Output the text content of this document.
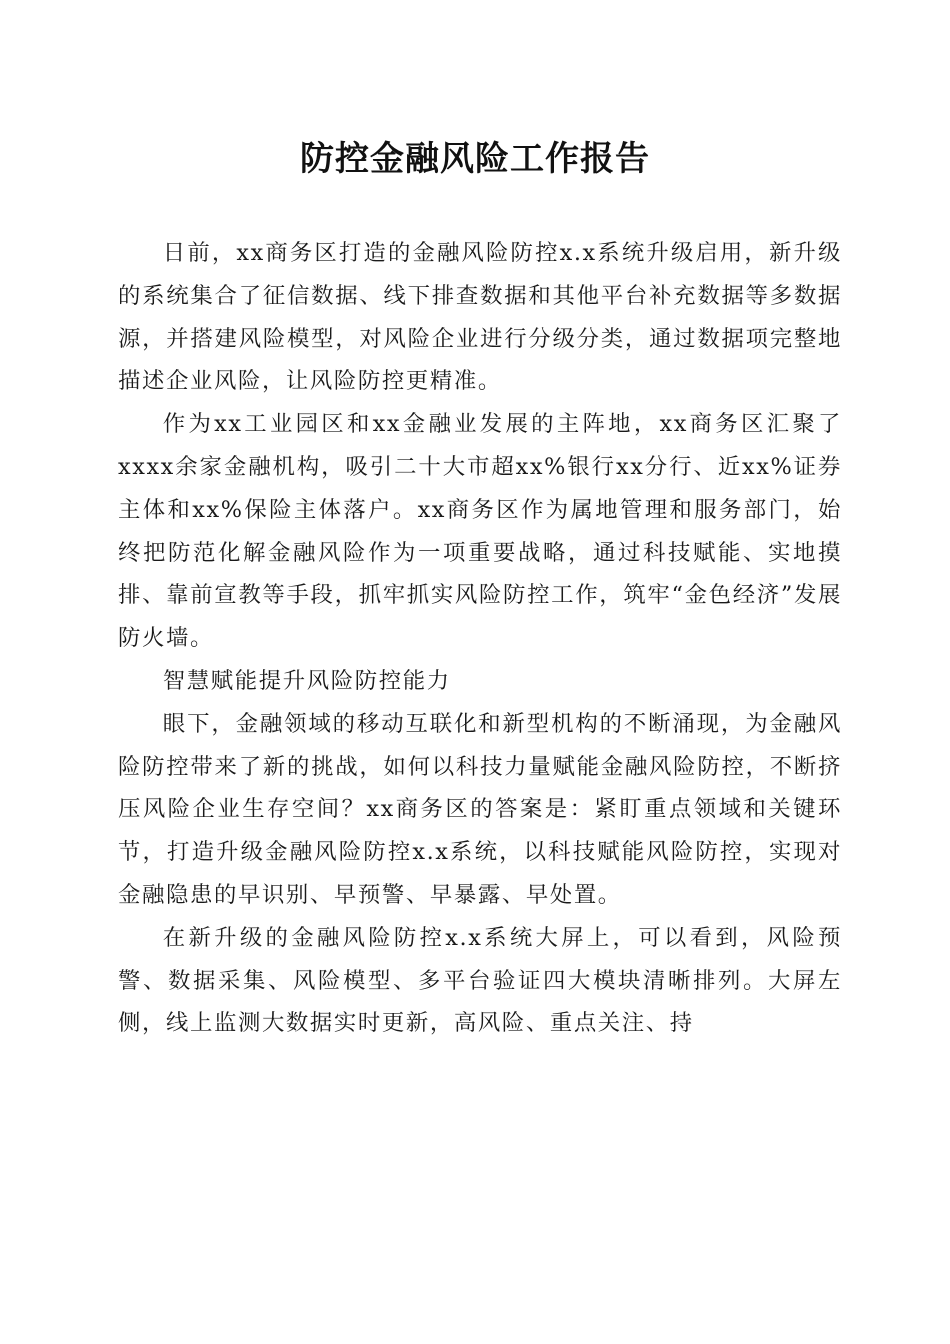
防控金融风险工作报告

日前，xx商务区打造的金融风险防控x.x系统升级启用，新升级的系统集合了征信数据、线下排查数据和其他平台补充数据等多数据源，并搭建风险模型，对风险企业进行分级分类，通过数据项完整地描述企业风险，让风险防控更精准。

作为xx工业园区和xx金融业发展的主阵地，xx商务区汇聚了xxxx余家金融机构，吸引二十大市超xx%银行xx分行、近xx%证券主体和xx%保险主体落户。xx商务区作为属地管理和服务部门，始终把防范化解金融风险作为一项重要战略，通过科技赋能、实地摸排、靠前宣教等手段，抓牢抓实风险防控工作，筑牢“金色经济”发展防火墙。

智慧赋能提升风险防控能力

眼下，金融领域的移动互联化和新型机构的不断涌现，为金融风险防控带来了新的挑战，如何以科技力量赋能金融风险防控，不断挤压风险企业生存空间？xx商务区的答案是：紧盯重点领域和关键环节，打造升级金融风险防控x.x系统，以科技赋能风险防控，实现对金融隐患的早识别、早预警、早暴露、早处置。

在新升级的金融风险防控x.x系统大屏上，可以看到，风险预警、数据采集、风险模型、多平台验证四大模块清晰排列。大屏左侧，线上监测大数据实时更新，高风险、重点关注、持
